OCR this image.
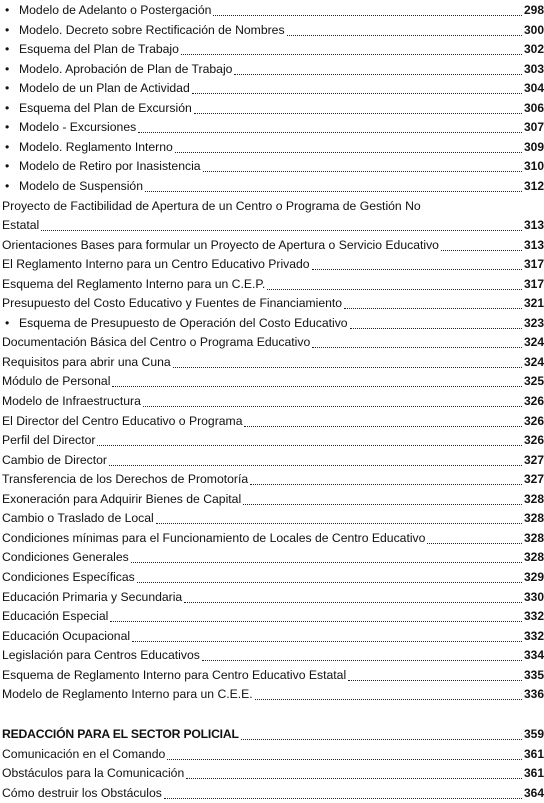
• Modelo de Adelanto o Postergación	298
• Modelo. Decreto sobre Rectificación de Nombres	300
• Esquema del Plan de Trabajo	302
• Modelo. Aprobación de Plan de Trabajo	303
• Modelo de un Plan de Actividad	304
• Esquema del Plan de Excursión	306
• Modelo - Excursiones	307
• Modelo. Reglamento Interno	309
• Modelo de Retiro por Inasistencia	310
• Modelo de Suspensión	312
Proyecto de Factibilidad de Apertura de un Centro o Programa de Gestión No
Estatal	313
Orientaciones Bases para formular un Proyecto de Apertura o Servicio Educativo	313
El Reglamento Interno para un Centro Educativo Privado	317
Esquema del Reglamento Interno para un C.E.P.	317
Presupuesto del Costo Educativo y Fuentes de Financiamiento	321
• Esquema de Presupuesto de Operación del Costo Educativo	323
Documentación Básica del Centro o Programa Educativo	324
Requisitos para abrir una Cuna	324
Módulo de Personal	325
Modelo de Infraestructura	326
El Director del Centro Educativo o Programa	326
Perfil del Director	326
Cambio de Director	327
Transferencia de los Derechos de Promotoría	327
Exoneración para Adquirir Bienes de Capital	328
Cambio o Traslado de Local	328
Condiciones mínimas para el Funcionamiento de Locales de Centro Educativo	328
Condiciones Generales	328
Condiciones Específicas	329
Educación Primaria y Secundaria	330
Educación Especial	332
Educación Ocupacional	332
Legislación para Centros Educativos	334
Esquema de Reglamento Interno para Centro Educativo Estatal	335
Modelo de Reglamento Interno para un C.E.E.	336
REDACCIÓN PARA EL SECTOR POLICIAL	359
Comunicación en el Comando	361
Obstáculos para la Comunicación	361
Cómo destruir los Obstáculos	364
